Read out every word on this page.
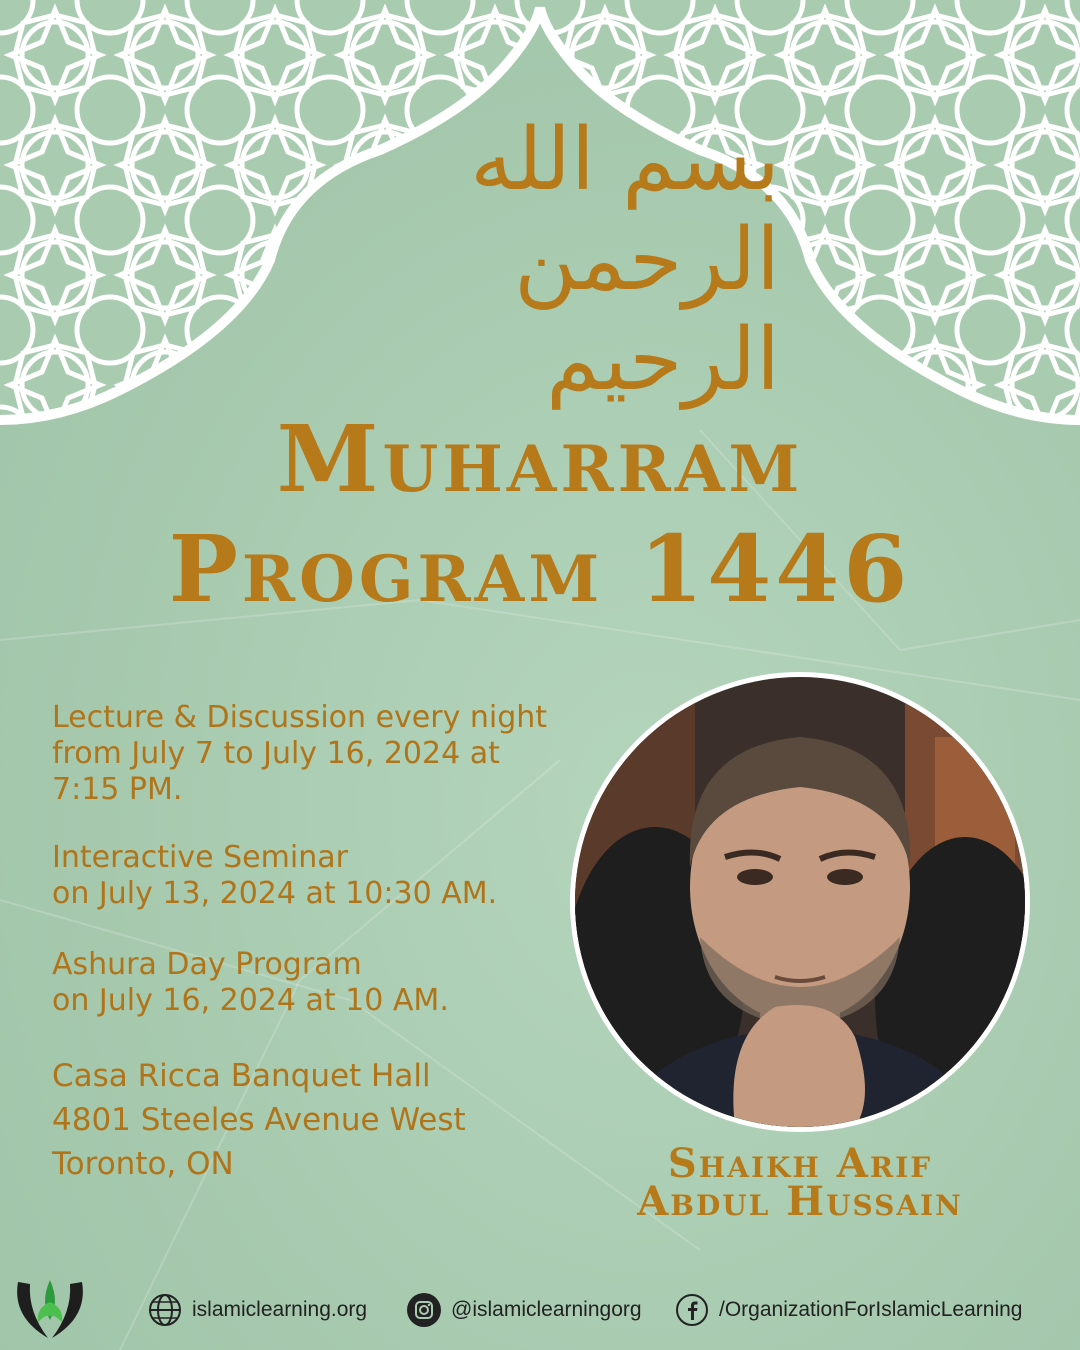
بسم الله الرحمن الرحيم
Muharram
Program 1446
Lecture & Discussion every night
from July 7 to July 16, 2024 at
7:15 PM.
Interactive Seminar
on July 13, 2024 at 10:30 AM.
Ashura Day Program
on July 16, 2024 at 10 AM.
Casa Ricca Banquet Hall
4801 Steeles Avenue West
Toronto, ON	Shaikh Arif
Abdul Hussain
islamiclearning.org	@islamiclearningorg	/OrganizationForIslamicLearning
